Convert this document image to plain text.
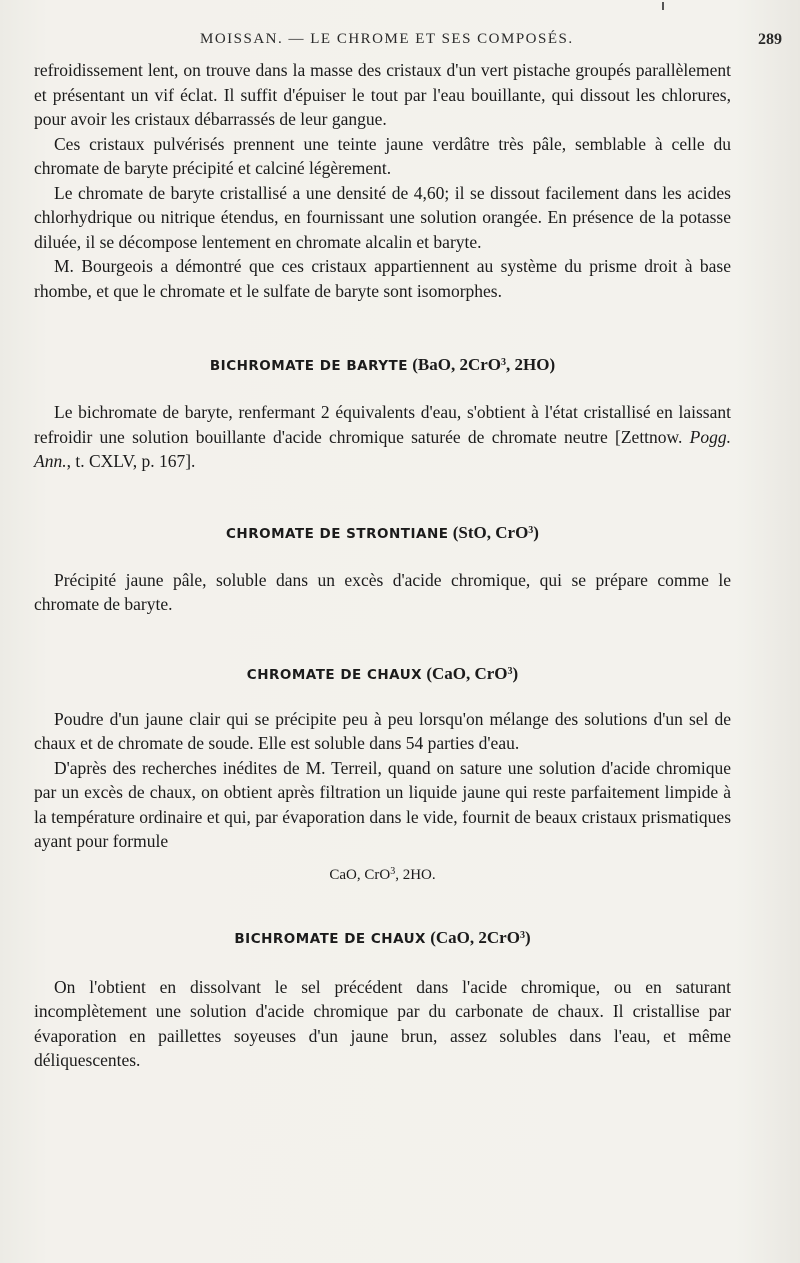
MOISSAN. — LE CHROME ET SES COMPOSÉS.	289

refroidissement lent, on trouve dans la masse des cristaux d'un vert pistache groupés parallèlement et présentant un vif éclat. Il suffit d'épuiser le tout par l'eau bouillante, qui dissout les chlorures, pour avoir les cristaux débarrassés de leur gangue.

Ces cristaux pulvérisés prennent une teinte jaune verdâtre très pâle, semblable à celle du chromate de baryte précipité et calciné légèrement.

Le chromate de baryte cristallisé a une densité de 4,60; il se dissout facilement dans les acides chlorhydrique ou nitrique étendus, en fournissant une solution orangée. En présence de la potasse diluée, il se décompose lentement en chromate alcalin et baryte.

M. Bourgeois a démontré que ces cristaux appartiennent au système du prisme droit à base rhombe, et que le chromate et le sulfate de baryte sont isomorphes.

BICHROMATE DE BARYTE (BaO, 2CrO$^3$, 2HO)

Le bichromate de baryte, renfermant 2 équivalents d'eau, s'obtient à l'état cristallisé en laissant refroidir une solution bouillante d'acide chromique saturée de chromate neutre [Zettnow. Pogg. Ann., t. CXLV, p. 167].

CHROMATE DE STRONTIANE (StO, CrO$^3$)

Précipité jaune pâle, soluble dans un excès d'acide chromique, qui se prépare comme le chromate de baryte.

CHROMATE DE CHAUX (CaO, CrO$^3$)

Poudre d'un jaune clair qui se précipite peu à peu lorsqu'on mélange des solutions d'un sel de chaux et de chromate de soude. Elle est soluble dans 54 parties d'eau.

D'après des recherches inédites de M. Terreil, quand on sature une solution d'acide chromique par un excès de chaux, on obtient après filtration un liquide jaune qui reste parfaitement limpide à la température ordinaire et qui, par évaporation dans le vide, fournit de beaux cristaux prismatiques ayant pour formule

CaO, CrO$^3$, 2HO.
BICHROMATE DE CHAUX (CaO, 2CrO$^3$)

On l'obtient en dissolvant le sel précédent dans l'acide chromique, ou en saturant incomplètement une solution d'acide chromique par du carbonate de chaux. Il cristallise par évaporation en paillettes soyeuses d'un jaune brun, assez solubles dans l'eau, et même déliquescentes.
